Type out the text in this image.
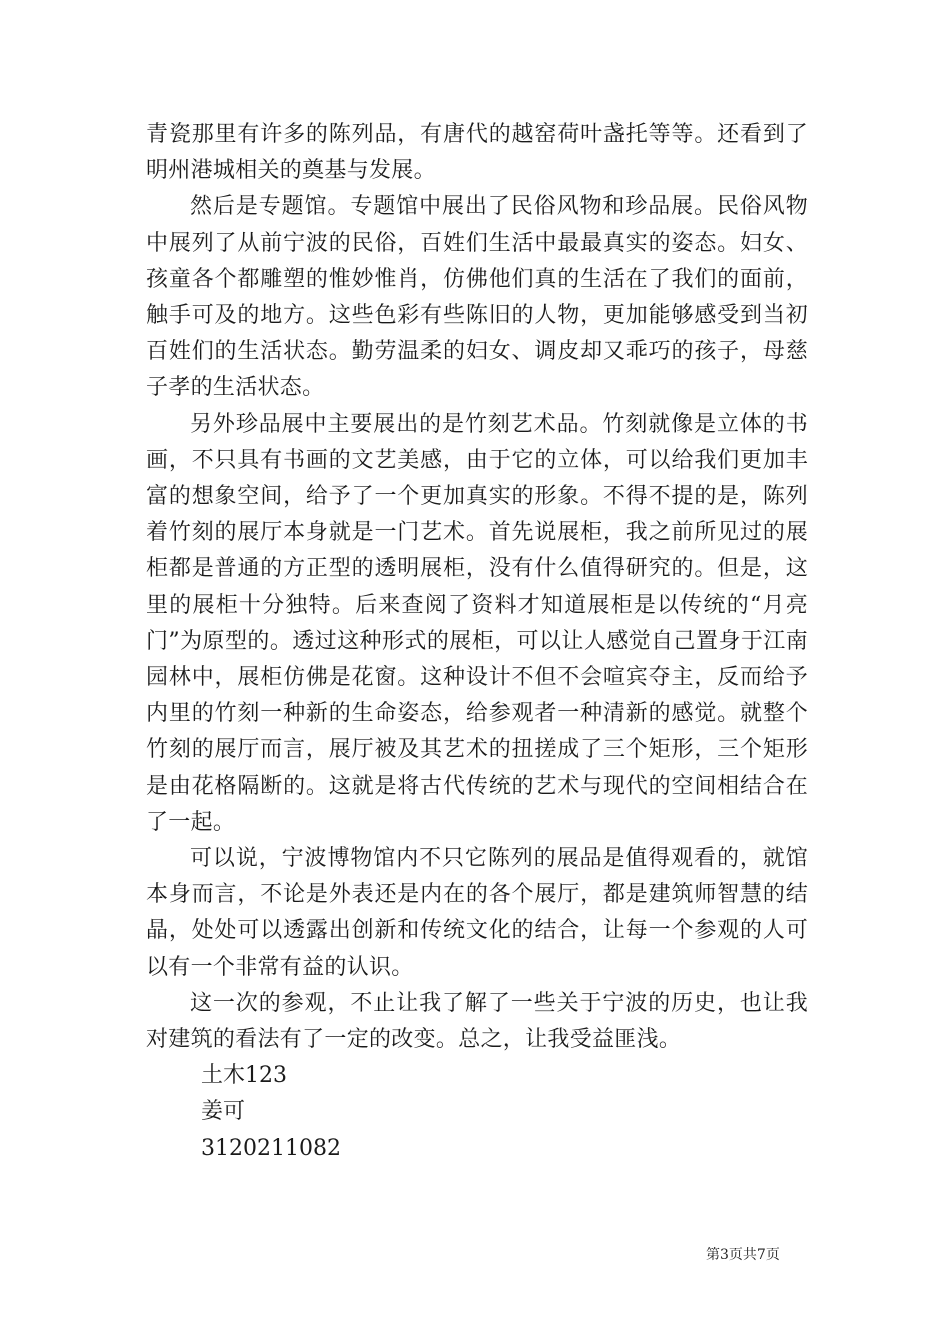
青瓷那里有许多的陈列品，有唐代的越窑荷叶盏托等等。还看到了明州港城相关的奠基与发展。

然后是专题馆。专题馆中展出了民俗风物和珍品展。民俗风物中展列了从前宁波的民俗，百姓们生活中最最真实的姿态。妇女、孩童各个都雕塑的惟妙惟肖，仿佛他们真的生活在了我们的面前，触手可及的地方。这些色彩有些陈旧的人物，更加能够感受到当初百姓们的生活状态。勤劳温柔的妇女、调皮却又乖巧的孩子，母慈子孝的生活状态。

另外珍品展中主要展出的是竹刻艺术品。竹刻就像是立体的书画，不只具有书画的文艺美感，由于它的立体，可以给我们更加丰富的想象空间，给予了一个更加真实的形象。不得不提的是，陈列着竹刻的展厅本身就是一门艺术。首先说展柜，我之前所见过的展柜都是普通的方正型的透明展柜，没有什么值得研究的。但是，这里的展柜十分独特。后来查阅了资料才知道展柜是以传统的“月亮门”为原型的。透过这种形式的展柜，可以让人感觉自己置身于江南园林中，展柜仿佛是花窗。这种设计不但不会喧宾夺主，反而给予内里的竹刻一种新的生命姿态，给参观者一种清新的感觉。就整个竹刻的展厅而言，展厅被及其艺术的扭搓成了三个矩形，三个矩形是由花格隔断的。这就是将古代传统的艺术与现代的空间相结合在了一起。

可以说，宁波博物馆内不只它陈列的展品是值得观看的，就馆本身而言，不论是外表还是内在的各个展厅，都是建筑师智慧的结晶，处处可以透露出创新和传统文化的结合，让每一个参观的人可以有一个非常有益的认识。

这一次的参观，不止让我了解了一些关于宁波的历史，也让我对建筑的看法有了一定的改变。总之，让我受益匪浅。

土木123

姜可

3120211082

第3页共7页
